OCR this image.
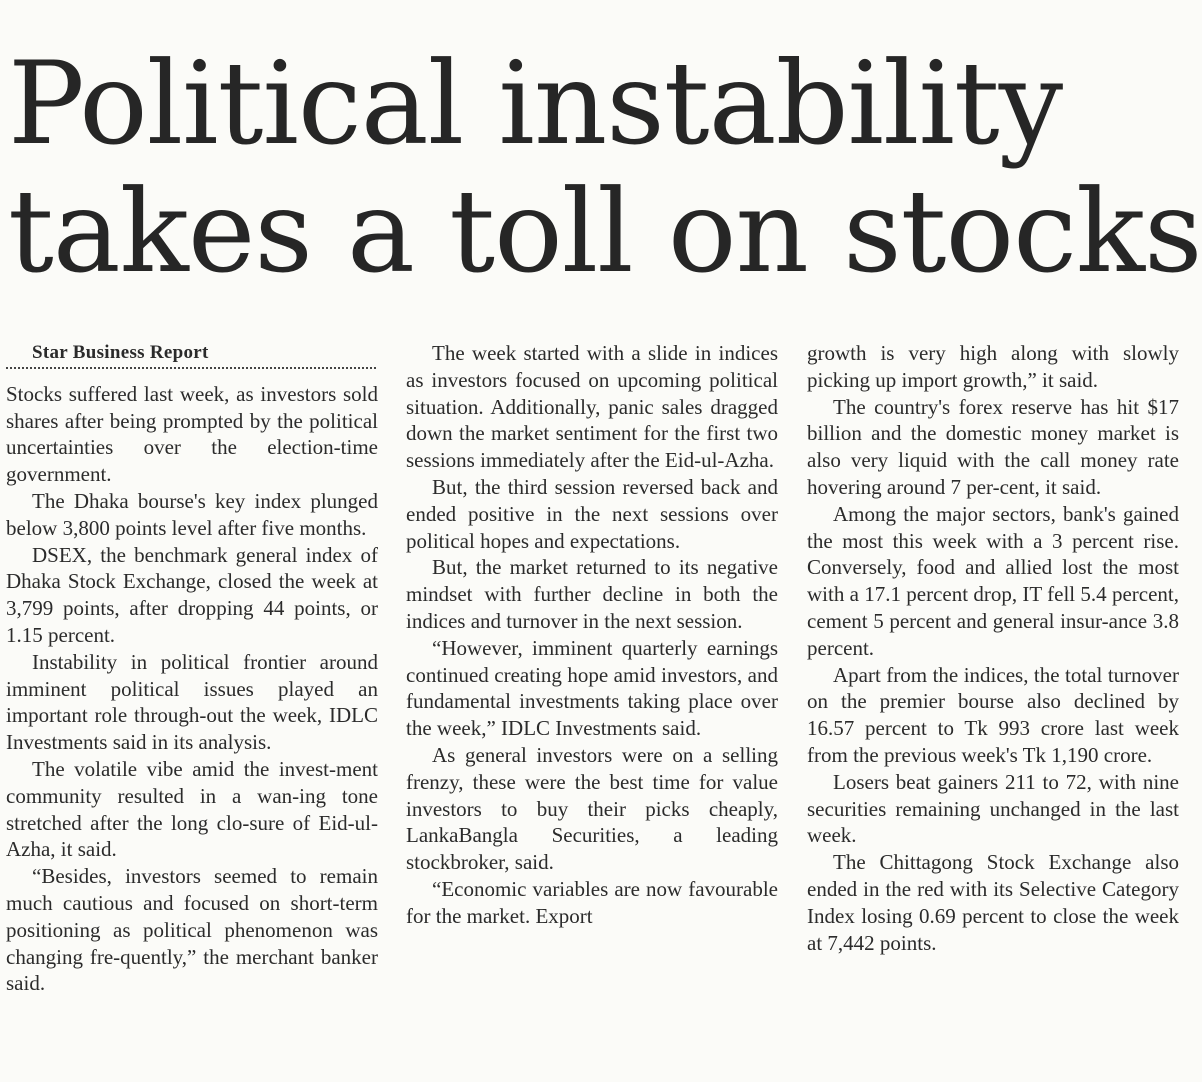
Political instability
takes a toll on stocks

Star Business Report

Stocks suffered last week, as investors sold shares after being prompted by the political uncertainties over the election-time government.

The Dhaka bourse's key index plunged below 3,800 points level after five months.

DSEX, the benchmark general index of Dhaka Stock Exchange, closed the week at 3,799 points, after dropping 44 points, or 1.15 percent.

Instability in political frontier around imminent political issues played an important role through-out the week, IDLC Investments said in its analysis.

The volatile vibe amid the invest-ment community resulted in a wan-ing tone stretched after the long clo-sure of Eid-ul-Azha, it said.

“Besides, investors seemed to remain much cautious and focused on short-term positioning as political phenomenon was changing fre-quently,” the merchant banker said.

The week started with a slide in indices as investors focused on upcoming political situation. Additionally, panic sales dragged down the market sentiment for the first two sessions immediately after the Eid-ul-Azha.

But, the third session reversed back and ended positive in the next sessions over political hopes and expectations.

But, the market returned to its negative mindset with further decline in both the indices and turnover in the next session.

“However, imminent quarterly earnings continued creating hope amid investors, and fundamental investments taking place over the week,” IDLC Investments said.

As general investors were on a selling frenzy, these were the best time for value investors to buy their picks cheaply, LankaBangla Securities, a leading stockbroker, said.

“Economic variables are now favourable for the market. Export

growth is very high along with slowly picking up import growth,” it said.

The country's forex reserve has hit $17 billion and the domestic money market is also very liquid with the call money rate hovering around 7 per-cent, it said.

Among the major sectors, bank's gained the most this week with a 3 percent rise. Conversely, food and allied lost the most with a 17.1 percent drop, IT fell 5.4 percent, cement 5 percent and general insur-ance 3.8 percent.

Apart from the indices, the total turnover on the premier bourse also declined by 16.57 percent to Tk 993 crore last week from the previous week's Tk 1,190 crore.

Losers beat gainers 211 to 72, with nine securities remaining unchanged in the last week.

The Chittagong Stock Exchange also ended in the red with its Selective Category Index losing 0.69 percent to close the week at 7,442 points.
